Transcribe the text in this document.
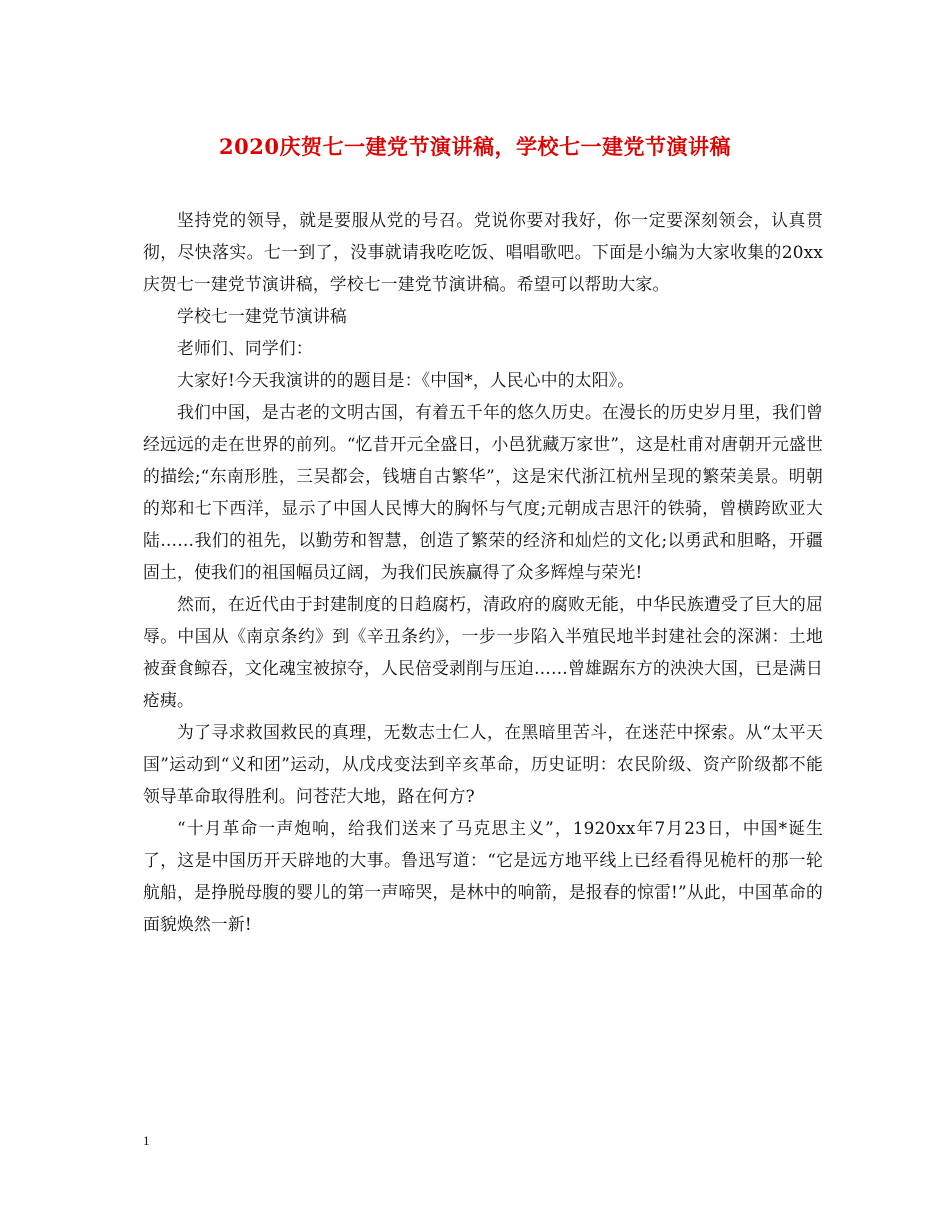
2020庆贺七一建党节演讲稿，学校七一建党节演讲稿

坚持党的领导，就是要服从党的号召。党说你要对我好，你一定要深刻领会，认真贯彻，尽快落实。七一到了，没事就请我吃吃饭、唱唱歌吧。下面是小编为大家收集的20xx庆贺七一建党节演讲稿，学校七一建党节演讲稿。希望可以帮助大家。

学校七一建党节演讲稿

老师们、同学们：

大家好!今天我演讲的的题目是：《中国*，人民心中的太阳》。

我们中国，是古老的文明古国，有着五千年的悠久历史。在漫长的历史岁月里，我们曾经远远的走在世界的前列。“忆昔开元全盛日，小邑犹藏万家世”，这是杜甫对唐朝开元盛世的描绘;“东南形胜，三吴都会，钱塘自古繁华”，这是宋代浙江杭州呈现的繁荣美景。明朝的郑和七下西洋，显示了中国人民博大的胸怀与气度;元朝成吉思汗的铁骑，曾横跨欧亚大陆……我们的祖先，以勤劳和智慧，创造了繁荣的经济和灿烂的文化;以勇武和胆略，开疆固土，使我们的祖国幅员辽阔，为我们民族赢得了众多辉煌与荣光!

然而，在近代由于封建制度的日趋腐朽，清政府的腐败无能，中华民族遭受了巨大的屈辱。中国从《南京条约》到《辛丑条约》，一步一步陷入半殖民地半封建社会的深渊：土地被蚕食鲸吞，文化魂宝被掠夺，人民倍受剥削与压迫……曾雄踞东方的泱泱大国，已是满日疮痍。

为了寻求救国救民的真理，无数志士仁人，在黑暗里苦斗，在迷茫中探索。从“太平天国”运动到“义和团”运动，从戊戌变法到辛亥革命，历史证明：农民阶级、资产阶级都不能领导革命取得胜利。问苍茫大地，路在何方?

“十月革命一声炮响，给我们送来了马克思主义”，1920xx年7月23日，中国*诞生了，这是中国历开天辟地的大事。鲁迅写道：“它是远方地平线上已经看得见桅杆的那一轮航船，是挣脱母腹的婴儿的第一声啼哭，是林中的响箭，是报春的惊雷!”从此，中国革命的面貌焕然一新!

1
